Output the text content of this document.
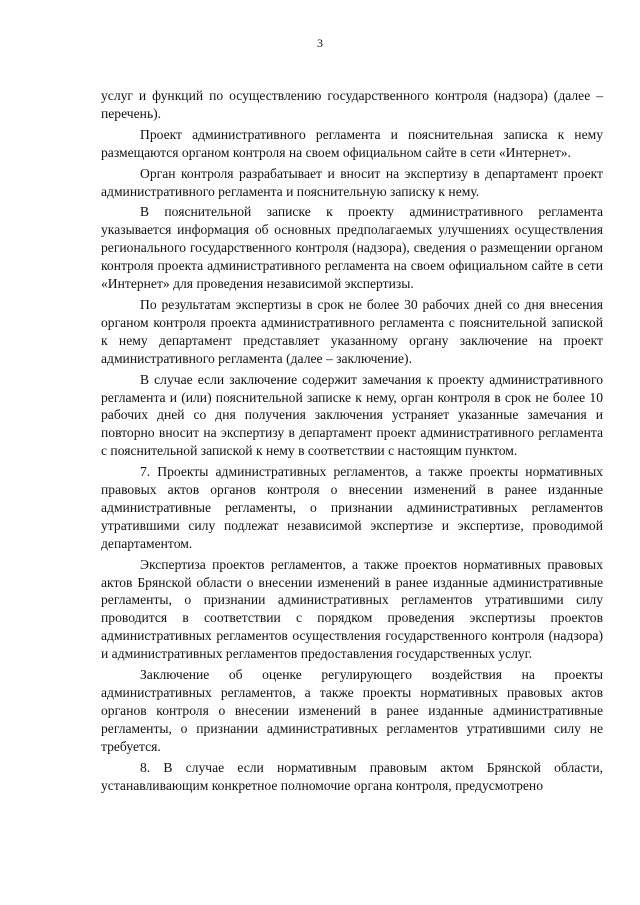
3

услуг и функций по осуществлению государственного контроля (надзора) (далее – перечень).

Проект административного регламента и пояснительная записка к нему размещаются органом контроля на своем официальном сайте в сети «Интернет».

Орган контроля разрабатывает и вносит на экспертизу в департамент проект административного регламента и пояснительную записку к нему.

В пояснительной записке к проекту административного регламента указывается информация об основных предполагаемых улучшениях осуществления регионального государственного контроля (надзора), сведения о размещении органом контроля проекта административного регламента на своем официальном сайте в сети «Интернет» для проведения независимой экспертизы.

По результатам экспертизы в срок не более 30 рабочих дней со дня внесения органом контроля проекта административного регламента с пояснительной запиской к нему департамент представляет указанному органу заключение на проект административного регламента (далее – заключение).

В случае если заключение содержит замечания к проекту административного регламента и (или) пояснительной записке к нему, орган контроля в срок не более 10 рабочих дней со дня получения заключения устраняет указанные замечания и повторно вносит на экспертизу в департамент проект административного регламента с пояснительной запиской к нему в соответствии с настоящим пунктом.

7. Проекты административных регламентов, а также проекты нормативных правовых актов органов контроля о внесении изменений в ранее изданные административные регламенты, о признании административных регламентов утратившими силу подлежат независимой экспертизе и экспертизе, проводимой департаментом.

Экспертиза проектов регламентов, а также проектов нормативных правовых актов Брянской области о внесении изменений в ранее изданные административные регламенты, о признании административных регламентов утратившими силу проводится в соответствии с порядком проведения экспертизы проектов административных регламентов осуществления государственного контроля (надзора) и административных регламентов предоставления государственных услуг.

Заключение об оценке регулирующего воздействия на проекты административных регламентов, а также проекты нормативных правовых актов органов контроля о внесении изменений в ранее изданные административные регламенты, о признании административных регламентов утратившими силу не требуется.

8. В случае если нормативным правовым актом Брянской области, устанавливающим конкретное полномочие органа контроля, предусмотрено
